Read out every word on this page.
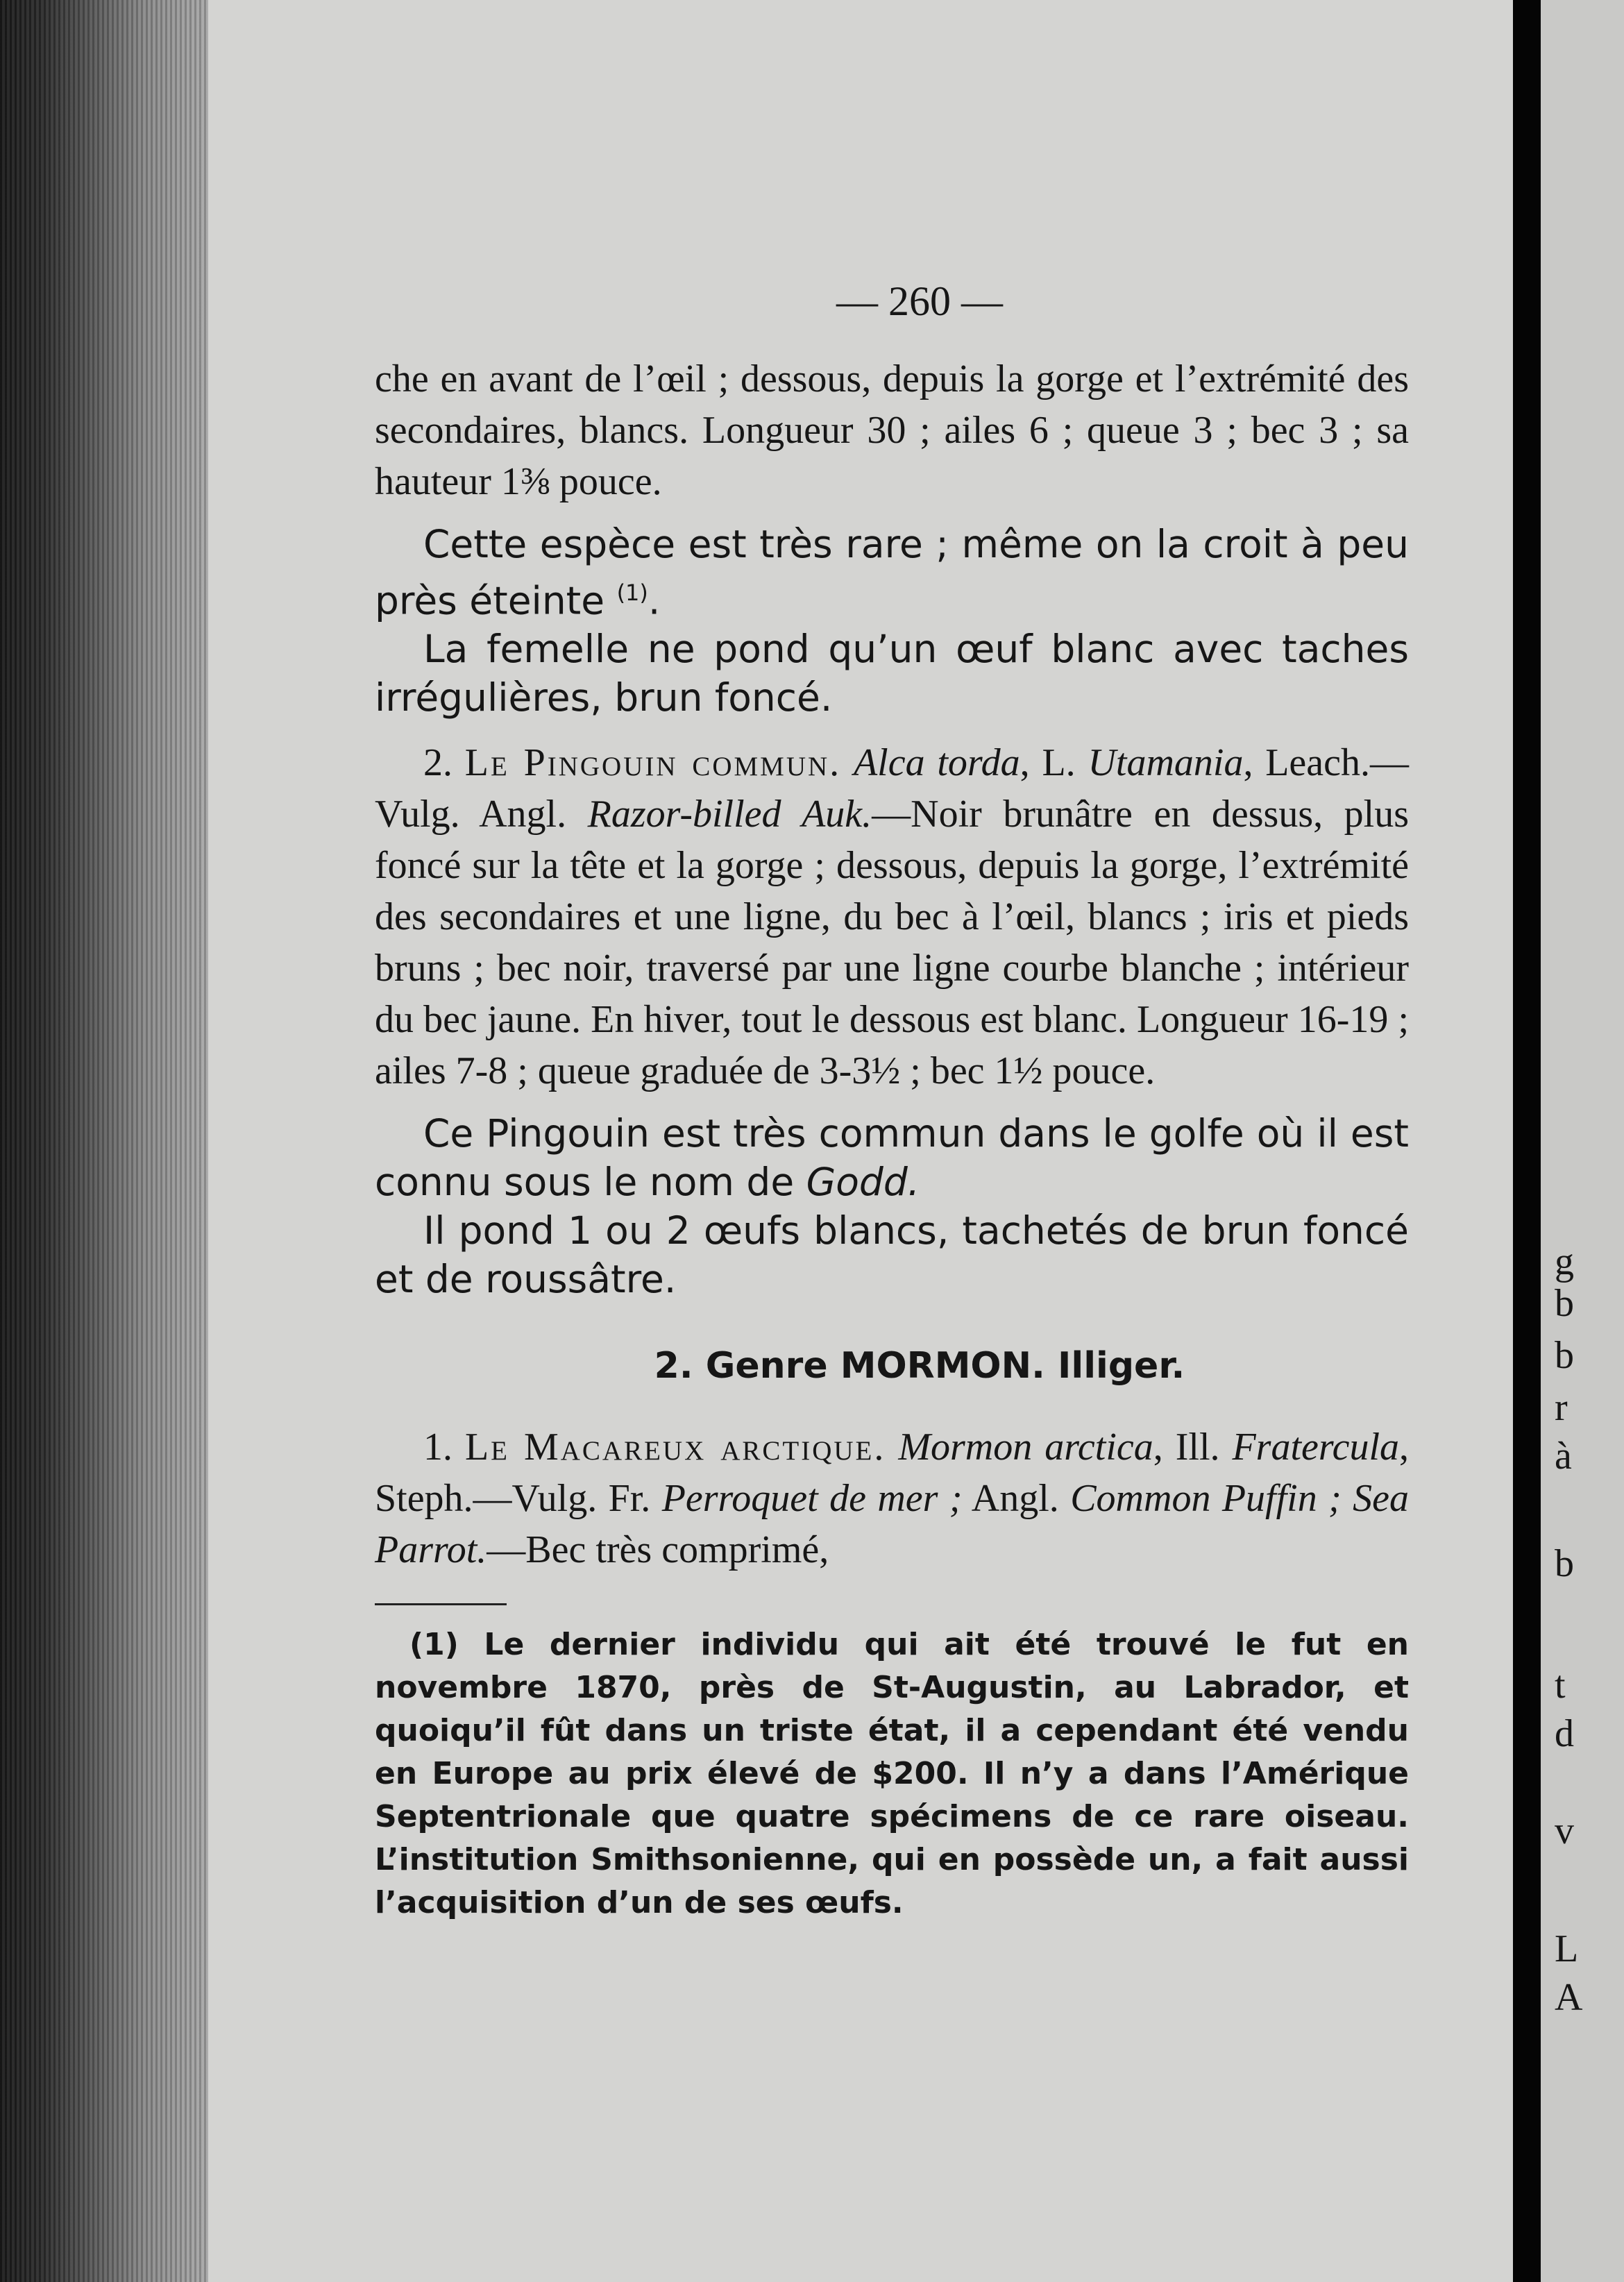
g
b
b
r
à
b
t
d
v
L
A
— 260 —

che en avant de l’œil ; dessous, depuis la gorge et l’extrémité des secondaires, blancs. Longueur 30 ; ailes 6 ; queue 3 ; bec 3 ; sa hauteur 1⅜ pouce.

Cette espèce est très rare ; même on la croit à peu près éteinte $^{(1)}$.

La femelle ne pond qu’un œuf blanc avec taches irrégulières, brun foncé.

2. Le Pingouin commun. Alca torda, L. Utamania, Leach.—Vulg. Angl. Razor-billed Auk.—Noir brunâtre en dessus, plus foncé sur la tête et la gorge ; dessous, depuis la gorge, l’extrémité des secondaires et une ligne, du bec à l’œil, blancs ; iris et pieds bruns ; bec noir, traversé par une ligne courbe blanche ; intérieur du bec jaune. En hiver, tout le dessous est blanc. Longueur 16-19 ; ailes 7-8 ; queue graduée de 3-3½ ; bec 1½ pouce.

Ce Pingouin est très commun dans le golfe où il est connu sous le nom de Godd.

Il pond 1 ou 2 œufs blancs, tachetés de brun foncé et de roussâtre.

2. Genre MORMON. Illiger.

1. Le Macareux arctique. Mormon arctica, Ill. Fratercula, Steph.—Vulg. Fr. Perroquet de mer ; Angl. Common Puffin ; Sea Parrot.—Bec très comprimé,

(1) Le dernier individu qui ait été trouvé le fut en novembre 1870, près de St-Augustin, au Labrador, et quoiqu’il fût dans un triste état, il a cependant été vendu en Europe au prix élevé de $200. Il n’y a dans l’Amérique Septentrionale que quatre spécimens de ce rare oiseau. L’institution Smithsonienne, qui en possède un, a fait aussi l’acquisition d’un de ses œufs.
